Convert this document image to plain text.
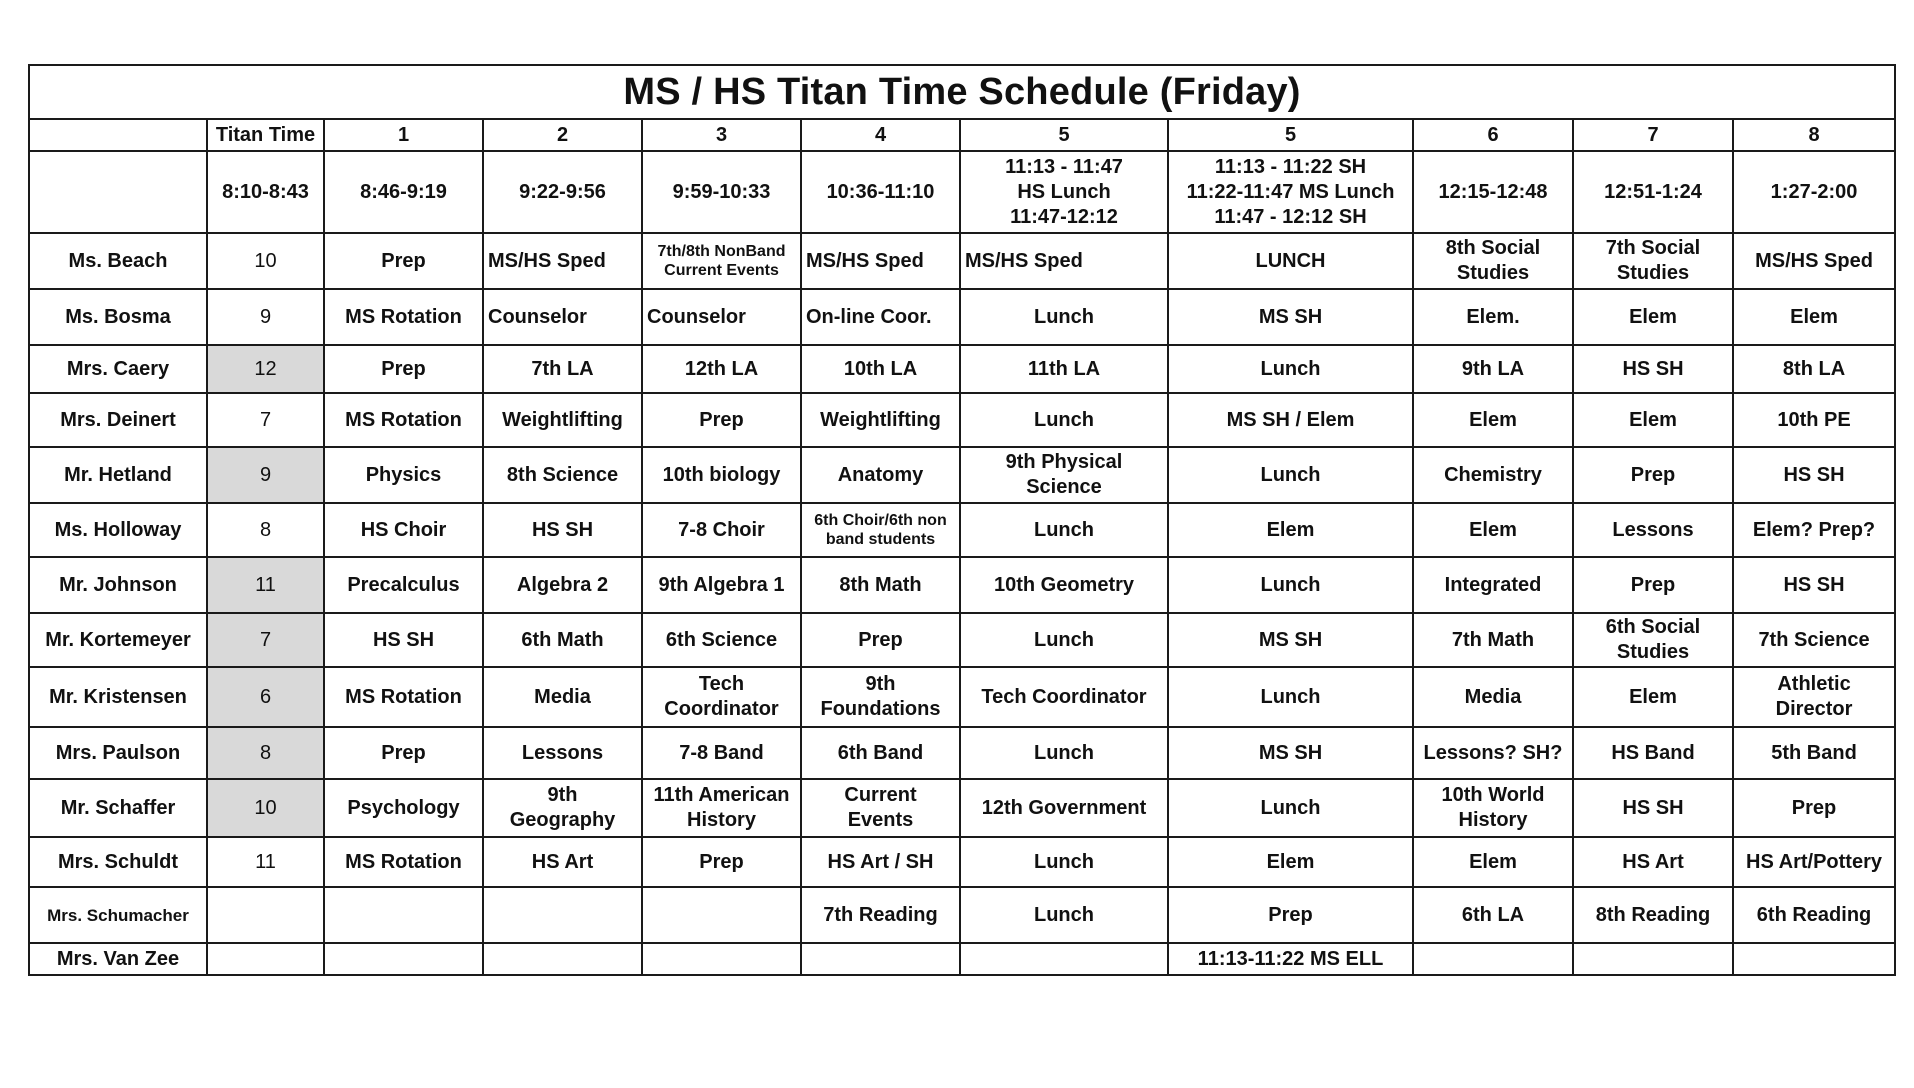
MS / HS Titan Time Schedule (Friday)										
	Titan Time	1	2	3	4	5	5	6	7	8
	8:10-8:43	8:46-9:19	9:22-9:56	9:59-10:33	10:36-11:10	11:13 - 11:47
HS Lunch
11:47-12:12	11:13 - 11:22 SH
11:22-11:47 MS Lunch
11:47 - 12:12 SH	12:15-12:48	12:51-1:24	1:27-2:00
Ms. Beach	10	Prep	MS/HS Sped	7th/8th NonBand
Current Events	MS/HS Sped	MS/HS Sped	LUNCH	8th Social
Studies	7th Social
Studies	MS/HS Sped
Ms. Bosma	9	MS Rotation	Counselor	Counselor	On-line Coor.	Lunch	MS SH	Elem.	Elem	Elem
Mrs. Caery	12	Prep	7th LA	12th LA	10th LA	11th LA	Lunch	9th LA	HS SH	8th LA
Mrs. Deinert	7	MS Rotation	Weightlifting	Prep	Weightlifting	Lunch	MS SH / Elem	Elem	Elem	10th PE
Mr. Hetland	9	Physics	8th Science	10th biology	Anatomy	9th Physical
Science	Lunch	Chemistry	Prep	HS SH
Ms. Holloway	8	HS Choir	HS SH	7-8 Choir	6th Choir/6th non
band students	Lunch	Elem	Elem	Lessons	Elem? Prep?
Mr. Johnson	11	Precalculus	Algebra 2	9th Algebra 1	8th Math	10th Geometry	Lunch	Integrated	Prep	HS SH
Mr. Kortemeyer	7	HS SH	6th Math	6th Science	Prep	Lunch	MS SH	7th Math	6th Social
Studies	7th Science
Mr. Kristensen	6	MS Rotation	Media	Tech
Coordinator	9th
Foundations	Tech Coordinator	Lunch	Media	Elem	Athletic
Director
Mrs. Paulson	8	Prep	Lessons	7-8 Band	6th Band	Lunch	MS SH	Lessons? SH?	HS Band	5th Band
Mr. Schaffer	10	Psychology	9th
Geography	11th American
History	Current
Events	12th Government	Lunch	10th World
History	HS SH	Prep
Mrs. Schuldt	11	MS Rotation	HS Art	Prep	HS Art / SH	Lunch	Elem	Elem	HS Art	HS Art/Pottery
Mrs. Schumacher					7th Reading	Lunch	Prep	6th LA	8th Reading	6th Reading
Mrs. Van Zee							11:13-11:22 MS ELL			
